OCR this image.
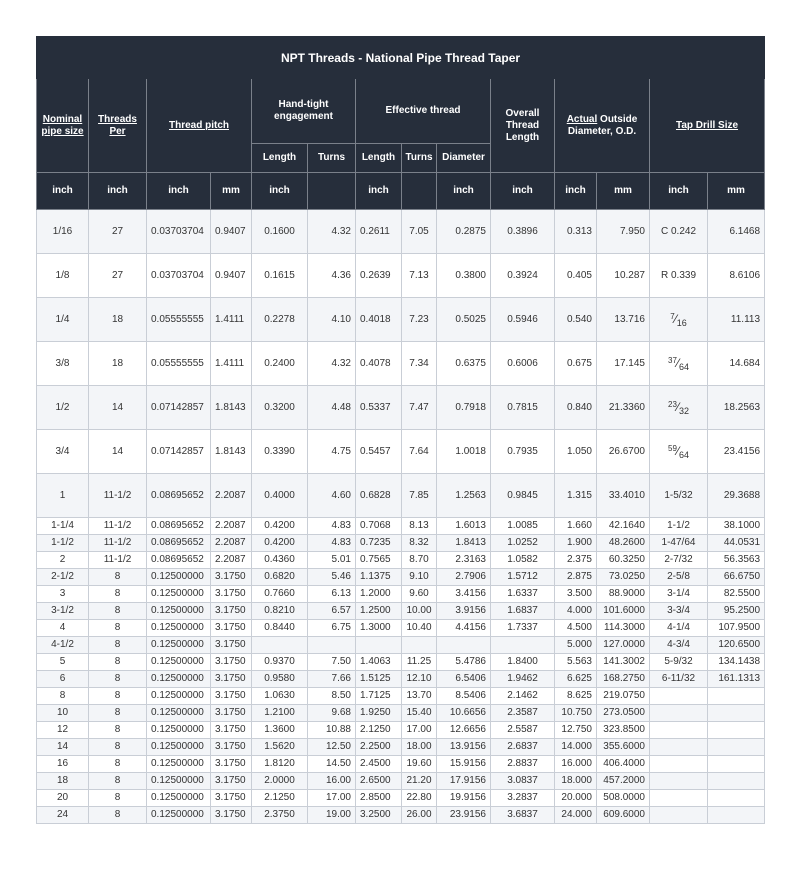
NPT Threads - National Pipe Thread Taper													
Nominal pipe size	Threads Per	Thread pitch		Hand-tight engagement		Effective thread			Overall Thread Length	Actual Outside Diameter, O.D.		Tap Drill Size	
				Length	Turns	Length	Turns	Diameter					
inch	inch	inch	mm	inch		inch		inch	inch	inch	mm	inch	mm
1/16	27	0.03703704	0.9407	0.1600	4.32	0.2611	7.05	0.2875	0.3896	0.313	7.950	C 0.242	6.1468
1/8	27	0.03703704	0.9407	0.1615	4.36	0.2639	7.13	0.3800	0.3924	0.405	10.287	R 0.339	8.6106
1/4	18	0.05555555	1.4111	0.2278	4.10	0.4018	7.23	0.5025	0.5946	0.540	13.716	$^7⁄_{16}$	11.113
3/8	18	0.05555555	1.4111	0.2400	4.32	0.4078	7.34	0.6375	0.6006	0.675	17.145	$^{37}⁄_{64}$	14.684
1/2	14	0.07142857	1.8143	0.3200	4.48	0.5337	7.47	0.7918	0.7815	0.840	21.3360	$^{23}⁄_{32}$	18.2563
3/4	14	0.07142857	1.8143	0.3390	4.75	0.5457	7.64	1.0018	0.7935	1.050	26.6700	$^{59}⁄_{64}$	23.4156
1	11-1/2	0.08695652	2.2087	0.4000	4.60	0.6828	7.85	1.2563	0.9845	1.315	33.4010	1-5/32	29.3688
1-1/4	11-1/2	0.08695652	2.2087	0.4200	4.83	0.7068	8.13	1.6013	1.0085	1.660	42.1640	1-1/2	38.1000
1-1/2	11-1/2	0.08695652	2.2087	0.4200	4.83	0.7235	8.32	1.8413	1.0252	1.900	48.2600	1-47/64	44.0531
2	11-1/2	0.08695652	2.2087	0.4360	5.01	0.7565	8.70	2.3163	1.0582	2.375	60.3250	2-7/32	56.3563
2-1/2	8	0.12500000	3.1750	0.6820	5.46	1.1375	9.10	2.7906	1.5712	2.875	73.0250	2-5/8	66.6750
3	8	0.12500000	3.1750	0.7660	6.13	1.2000	9.60	3.4156	1.6337	3.500	88.9000	3-1/4	82.5500
3-1/2	8	0.12500000	3.1750	0.8210	6.57	1.2500	10.00	3.9156	1.6837	4.000	101.6000	3-3/4	95.2500
4	8	0.12500000	3.1750	0.8440	6.75	1.3000	10.40	4.4156	1.7337	4.500	114.3000	4-1/4	107.9500
4-1/2	8	0.12500000	3.1750							5.000	127.0000	4-3/4	120.6500
5	8	0.12500000	3.1750	0.9370	7.50	1.4063	11.25	5.4786	1.8400	5.563	141.3002	5-9/32	134.1438
6	8	0.12500000	3.1750	0.9580	7.66	1.5125	12.10	6.5406	1.9462	6.625	168.2750	6-11/32	161.1313
8	8	0.12500000	3.1750	1.0630	8.50	1.7125	13.70	8.5406	2.1462	8.625	219.0750		
10	8	0.12500000	3.1750	1.2100	9.68	1.9250	15.40	10.6656	2.3587	10.750	273.0500		
12	8	0.12500000	3.1750	1.3600	10.88	2.1250	17.00	12.6656	2.5587	12.750	323.8500		
14	8	0.12500000	3.1750	1.5620	12.50	2.2500	18.00	13.9156	2.6837	14.000	355.6000		
16	8	0.12500000	3.1750	1.8120	14.50	2.4500	19.60	15.9156	2.8837	16.000	406.4000		
18	8	0.12500000	3.1750	2.0000	16.00	2.6500	21.20	17.9156	3.0837	18.000	457.2000		
20	8	0.12500000	3.1750	2.1250	17.00	2.8500	22.80	19.9156	3.2837	20.000	508.0000		
24	8	0.12500000	3.1750	2.3750	19.00	3.2500	26.00	23.9156	3.6837	24.000	609.6000		
